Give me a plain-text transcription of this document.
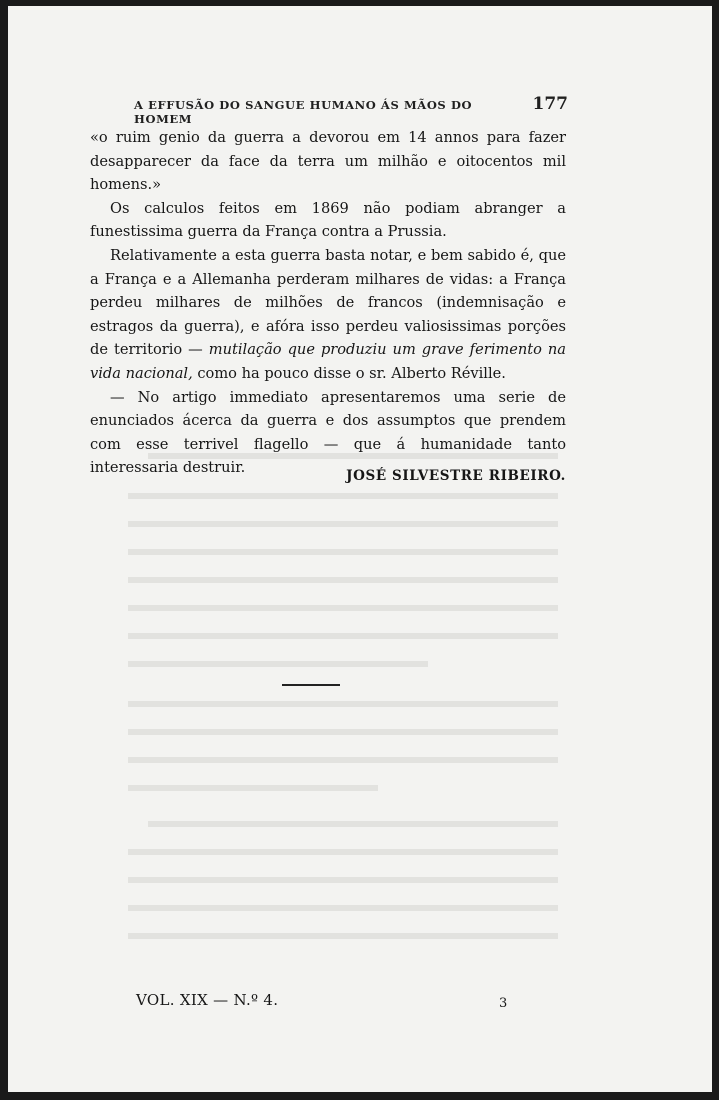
A EFFUSÃO DO SANGUE HUMANO ÁS MÃOS DO HOMEM
177

«o ruim genio da guerra a devorou em 14 annos para fazer desapparecer da face da terra um milhão e oitocentos mil homens.»

Os calculos feitos em 1869 não podiam abranger a funestissima guerra da França contra a Prussia.

Relativamente a esta guerra basta notar, e bem sabido é, que a França e a Allemanha perderam milhares de vidas: a França perdeu milhares de milhões de francos (indemnisação e estragos da guerra), e afóra isso perdeu valiosissimas porções de territorio — mutilação que produziu um grave ferimento na vida nacional, como ha pouco disse o sr. Alberto Réville.

— No artigo immediato apresentaremos uma serie de enunciados ácerca da guerra e dos assumptos que prendem com esse terrivel flagello — que á humanidade tanto interessaria destruir.	JOSÉ SILVESTRE RIBEIRO.
VOL. XIX — N.º 4.	3
